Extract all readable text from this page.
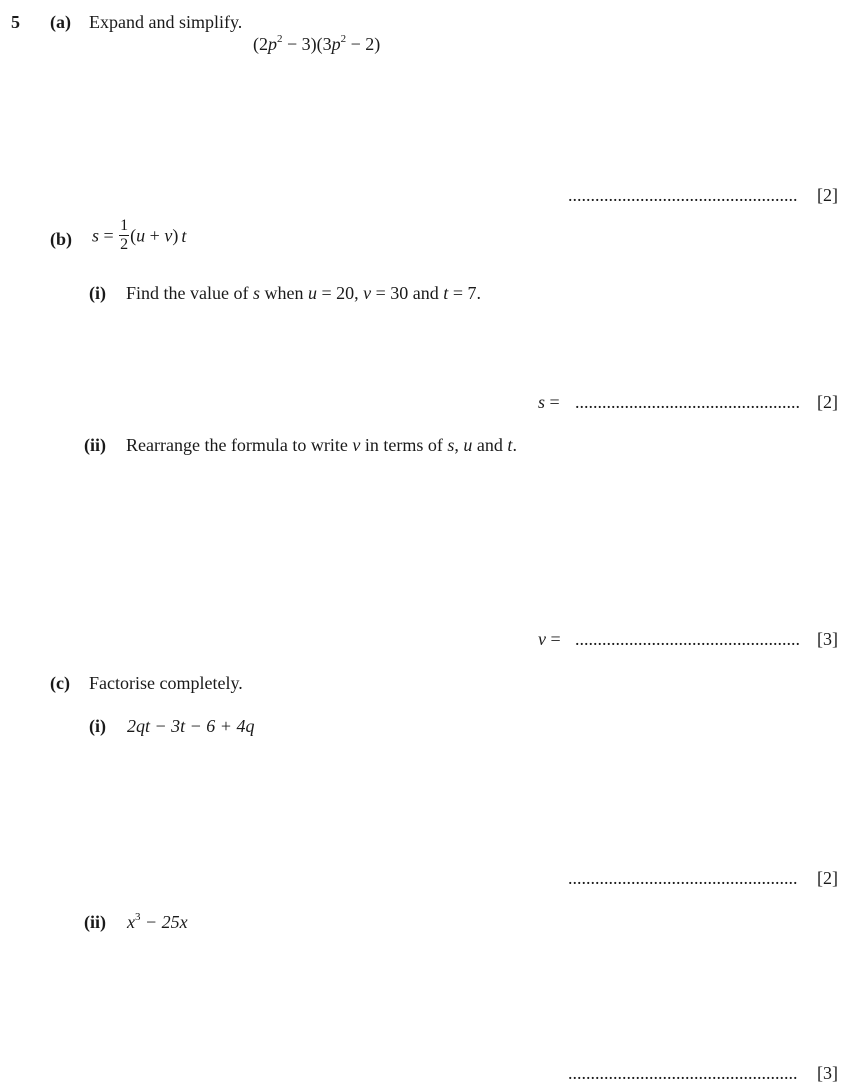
5 (a) Expand and simplify.
$(2p^2 - 3)(3p^2 - 2)$
................................................... [2]
(b) $s = \frac{1}{2} (u + v)$ t
(i) Find the value of s when u = 20, v = 30 and t = 7.
s = .................................................. [2]
(ii) Rearrange the formula to write v in terms of s, u and t.
v = .................................................. [3]
(c) Factorise completely.
(i) 2qt − 3t − 6 + 4q
................................................... [2]
(ii) $x^3 - 25x$
................................................... [3]
